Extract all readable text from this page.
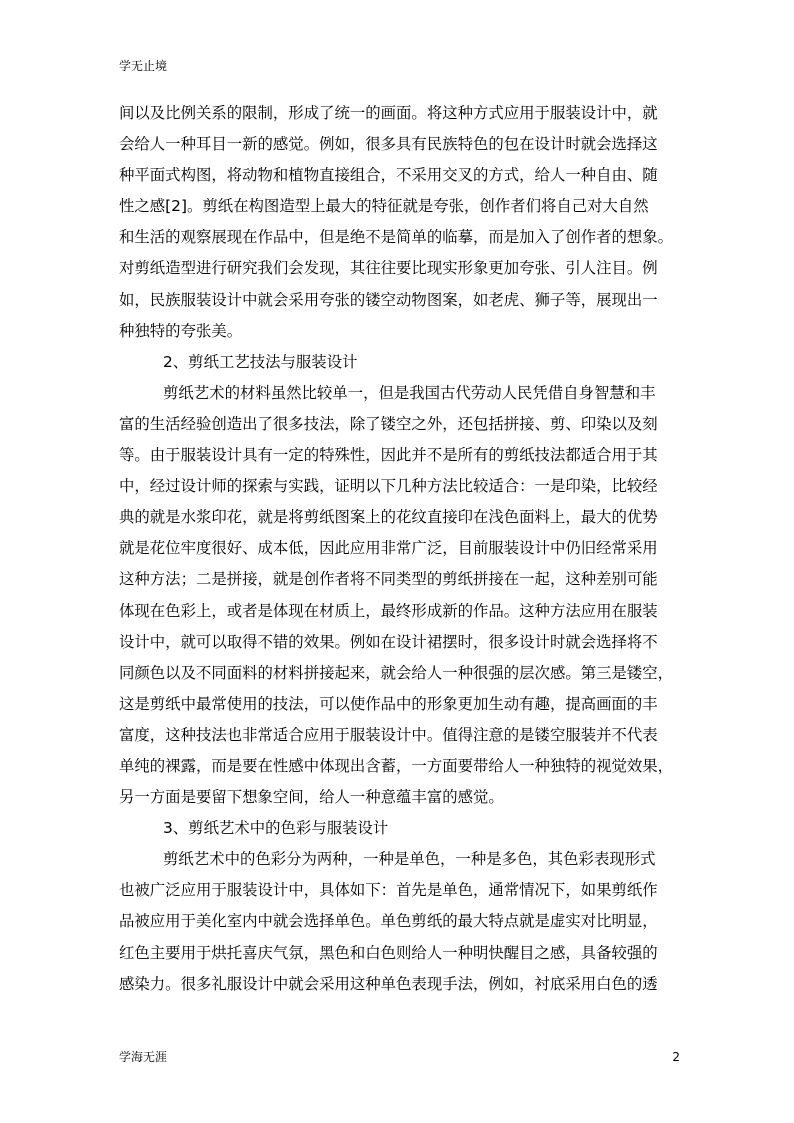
学无止境
间以及比例关系的限制，形成了统一的画面。将这种方式应用于服装设计中，就
会给人一种耳目一新的感觉。例如，很多具有民族特色的包在设计时就会选择这
种平面式构图，将动物和植物直接组合，不采用交叉的方式，给人一种自由、随
性之感[2]。剪纸在构图造型上最大的特征就是夸张，创作者们将自己对大自然
和生活的观察展现在作品中，但是绝不是简单的临摹，而是加入了创作者的想象。
对剪纸造型进行研究我们会发现，其往往要比现实形象更加夸张、引人注目。例
如，民族服装设计中就会采用夸张的镂空动物图案，如老虎、狮子等，展现出一
种独特的夸张美。
2、剪纸工艺技法与服装设计
剪纸艺术的材料虽然比较单一，但是我国古代劳动人民凭借自身智慧和丰
富的生活经验创造出了很多技法，除了镂空之外，还包括拼接、剪、印染以及刻
等。由于服装设计具有一定的特殊性，因此并不是所有的剪纸技法都适合用于其
中，经过设计师的探索与实践，证明以下几种方法比较适合：一是印染，比较经
典的就是水浆印花，就是将剪纸图案上的花纹直接印在浅色面料上，最大的优势
就是花位牢度很好、成本低，因此应用非常广泛，目前服装设计中仍旧经常采用
这种方法；二是拼接，就是创作者将不同类型的剪纸拼接在一起，这种差别可能
体现在色彩上，或者是体现在材质上，最终形成新的作品。这种方法应用在服装
设计中，就可以取得不错的效果。例如在设计裙摆时，很多设计时就会选择将不
同颜色以及不同面料的材料拼接起来，就会给人一种很强的层次感。第三是镂空，
这是剪纸中最常使用的技法，可以使作品中的形象更加生动有趣，提高画面的丰
富度，这种技法也非常适合应用于服装设计中。值得注意的是镂空服装并不代表
单纯的裸露，而是要在性感中体现出含蓄，一方面要带给人一种独特的视觉效果，
另一方面是要留下想象空间，给人一种意蕴丰富的感觉。
3、剪纸艺术中的色彩与服装设计
剪纸艺术中的色彩分为两种，一种是单色，一种是多色，其色彩表现形式
也被广泛应用于服装设计中，具体如下：首先是单色，通常情况下，如果剪纸作
品被应用于美化室内中就会选择单色。单色剪纸的最大特点就是虚实对比明显，
红色主要用于烘托喜庆气氛，黑色和白色则给人一种明快醒目之感，具备较强的
感染力。很多礼服设计中就会采用这种单色表现手法，例如，衬底采用白色的透
学海无涯	2
